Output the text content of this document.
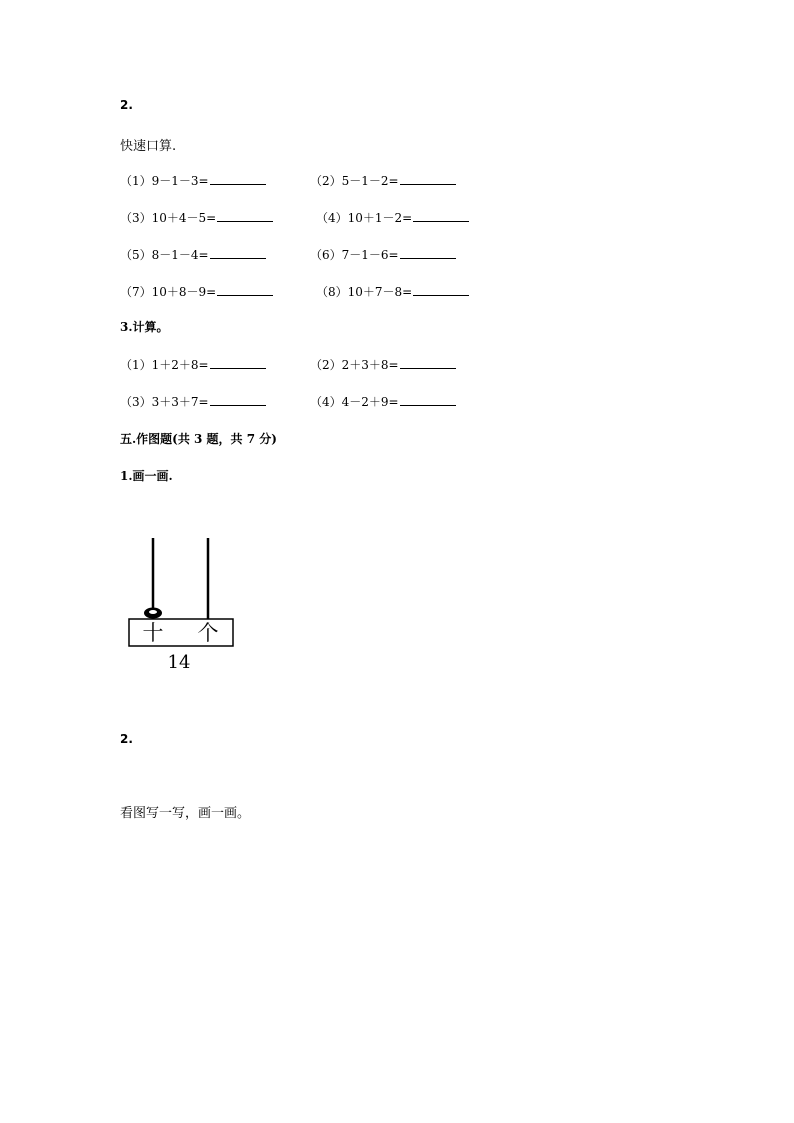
2.
快速口算.
（1）9－1－3=	（2）5－1－2=
（3）10＋4－5=	（4）10＋1－2=
（5）8－1－4=	（6）7－1－6=
（7）10＋8－9=	（8）10＋7－8=
3.计算。
（1）1＋2＋8=	（2）2＋3＋8=
（3）3＋3＋7=	（4）4－2＋9=
五.作图题(共 3 题，共 7 分)
1.画一画.
十 个
14
2.
看图写一写，画一画。
